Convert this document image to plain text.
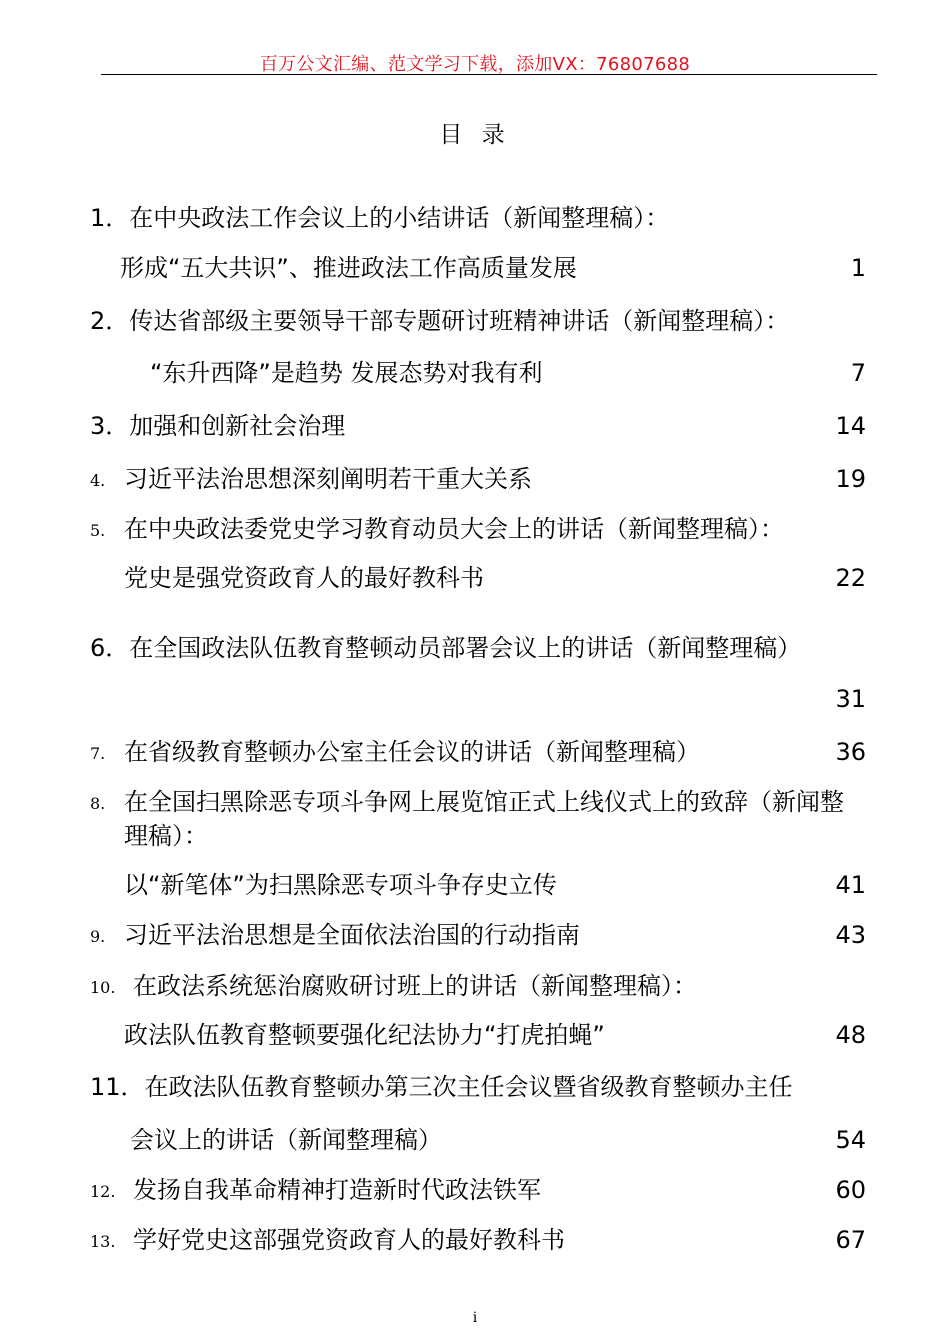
百万公文汇编、范文学习下载，添加VX：76807688
目 录
1．在中央政法工作会议上的小结讲话（新闻整理稿）：
形成“五大共识”、推进政法工作高质量发展	1
2．传达省部级主要领导干部专题研讨班精神讲话（新闻整理稿）：
“东升西降”是趋势 发展态势对我有利	7
3．加强和创新社会治理	14
4. 习近平法治思想深刻阐明若干重大关系	19
5. 在中央政法委党史学习教育动员大会上的讲话（新闻整理稿）：
党史是强党资政育人的最好教科书	22
6．在全国政法队伍教育整顿动员部署会议上的讲话（新闻整理稿）
31
7. 在省级教育整顿办公室主任会议的讲话（新闻整理稿）	36
8. 在全国扫黑除恶专项斗争网上展览馆正式上线仪式上的致辞（新闻整
理稿）：
以“新笔体”为扫黑除恶专项斗争存史立传	41
9. 习近平法治思想是全面依法治国的行动指南	43
10. 在政法系统惩治腐败研讨班上的讲话（新闻整理稿）：
政法队伍教育整顿要强化纪法协力“打虎拍蝇”	48
11．在政法队伍教育整顿办第三次主任会议暨省级教育整顿办主任
会议上的讲话（新闻整理稿）	54
12. 发扬自我革命精神打造新时代政法铁军	60
13. 学好党史这部强党资政育人的最好教科书	67
i
